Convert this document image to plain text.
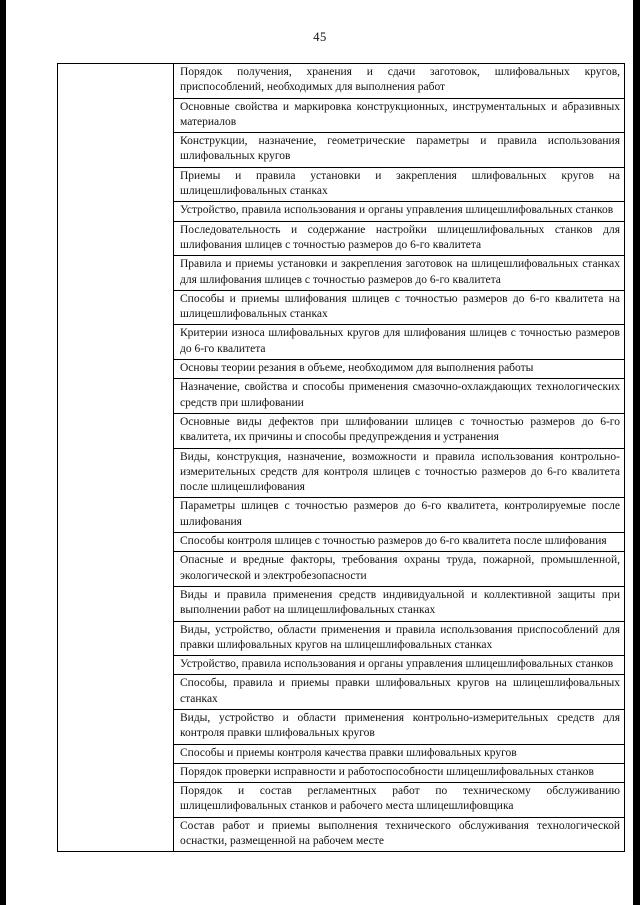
45
Порядок получения, хранения и сдачи заготовок, шлифовальных кругов, приспособлений, необходимых для выполнения работ
Основные свойства и маркировка конструкционных, инструментальных и абразивных материалов
Конструкции, назначение, геометрические параметры и правила использования шлифовальных кругов
Приемы и правила установки и закрепления шлифовальных кругов на шлицешлифовальных станках
Устройство, правила использования и органы управления шлицешлифовальных станков
Последовательность и содержание настройки шлицешлифовальных станков для шлифования шлицев с точностью размеров до 6-го квалитета
Правила и приемы установки и закрепления заготовок на шлицешлифовальных станках для шлифования шлицев с точностью размеров до 6-го квалитета
Способы и приемы шлифования шлицев с точностью размеров до 6-го квалитета на шлицешлифовальных станках
Критерии износа шлифовальных кругов для шлифования шлицев с точностью размеров до 6-го квалитета
Основы теории резания в объеме, необходимом для выполнения работы
Назначение, свойства и способы применения смазочно-охлаждающих технологических средств при шлифовании
Основные виды дефектов при шлифовании шлицев с точностью размеров до 6-го квалитета, их причины и способы предупреждения и устранения
Виды, конструкция, назначение, возможности и правила использования контрольно-измерительных средств для контроля шлицев с точностью размеров до 6-го квалитета после шлицешлифования
Параметры шлицев с точностью размеров до 6-го квалитета, контролируемые после шлифования
Способы контроля шлицев с точностью размеров до 6-го квалитета после шлифования
Опасные и вредные факторы, требования охраны труда, пожарной, промышленной, экологической и электробезопасности
Виды и правила применения средств индивидуальной и коллективной защиты при выполнении работ на шлицешлифовальных станках
Виды, устройство, области применения и правила использования приспособлений для правки шлифовальных кругов на шлицешлифовальных станках
Устройство, правила использования и органы управления шлицешлифовальных станков
Способы, правила и приемы правки шлифовальных кругов на шлицешлифовальных станках
Виды, устройство и области применения контрольно-измерительных средств для контроля правки шлифовальных кругов
Способы и приемы контроля качества правки шлифовальных кругов
Порядок проверки исправности и работоспособности шлицешлифовальных станков
Порядок и состав регламентных работ по техническому обслуживанию шлицешлифовальных станков и рабочего места шлицешлифовщика
Состав работ и приемы выполнения технического обслуживания технологической оснастки, размещенной на рабочем месте
